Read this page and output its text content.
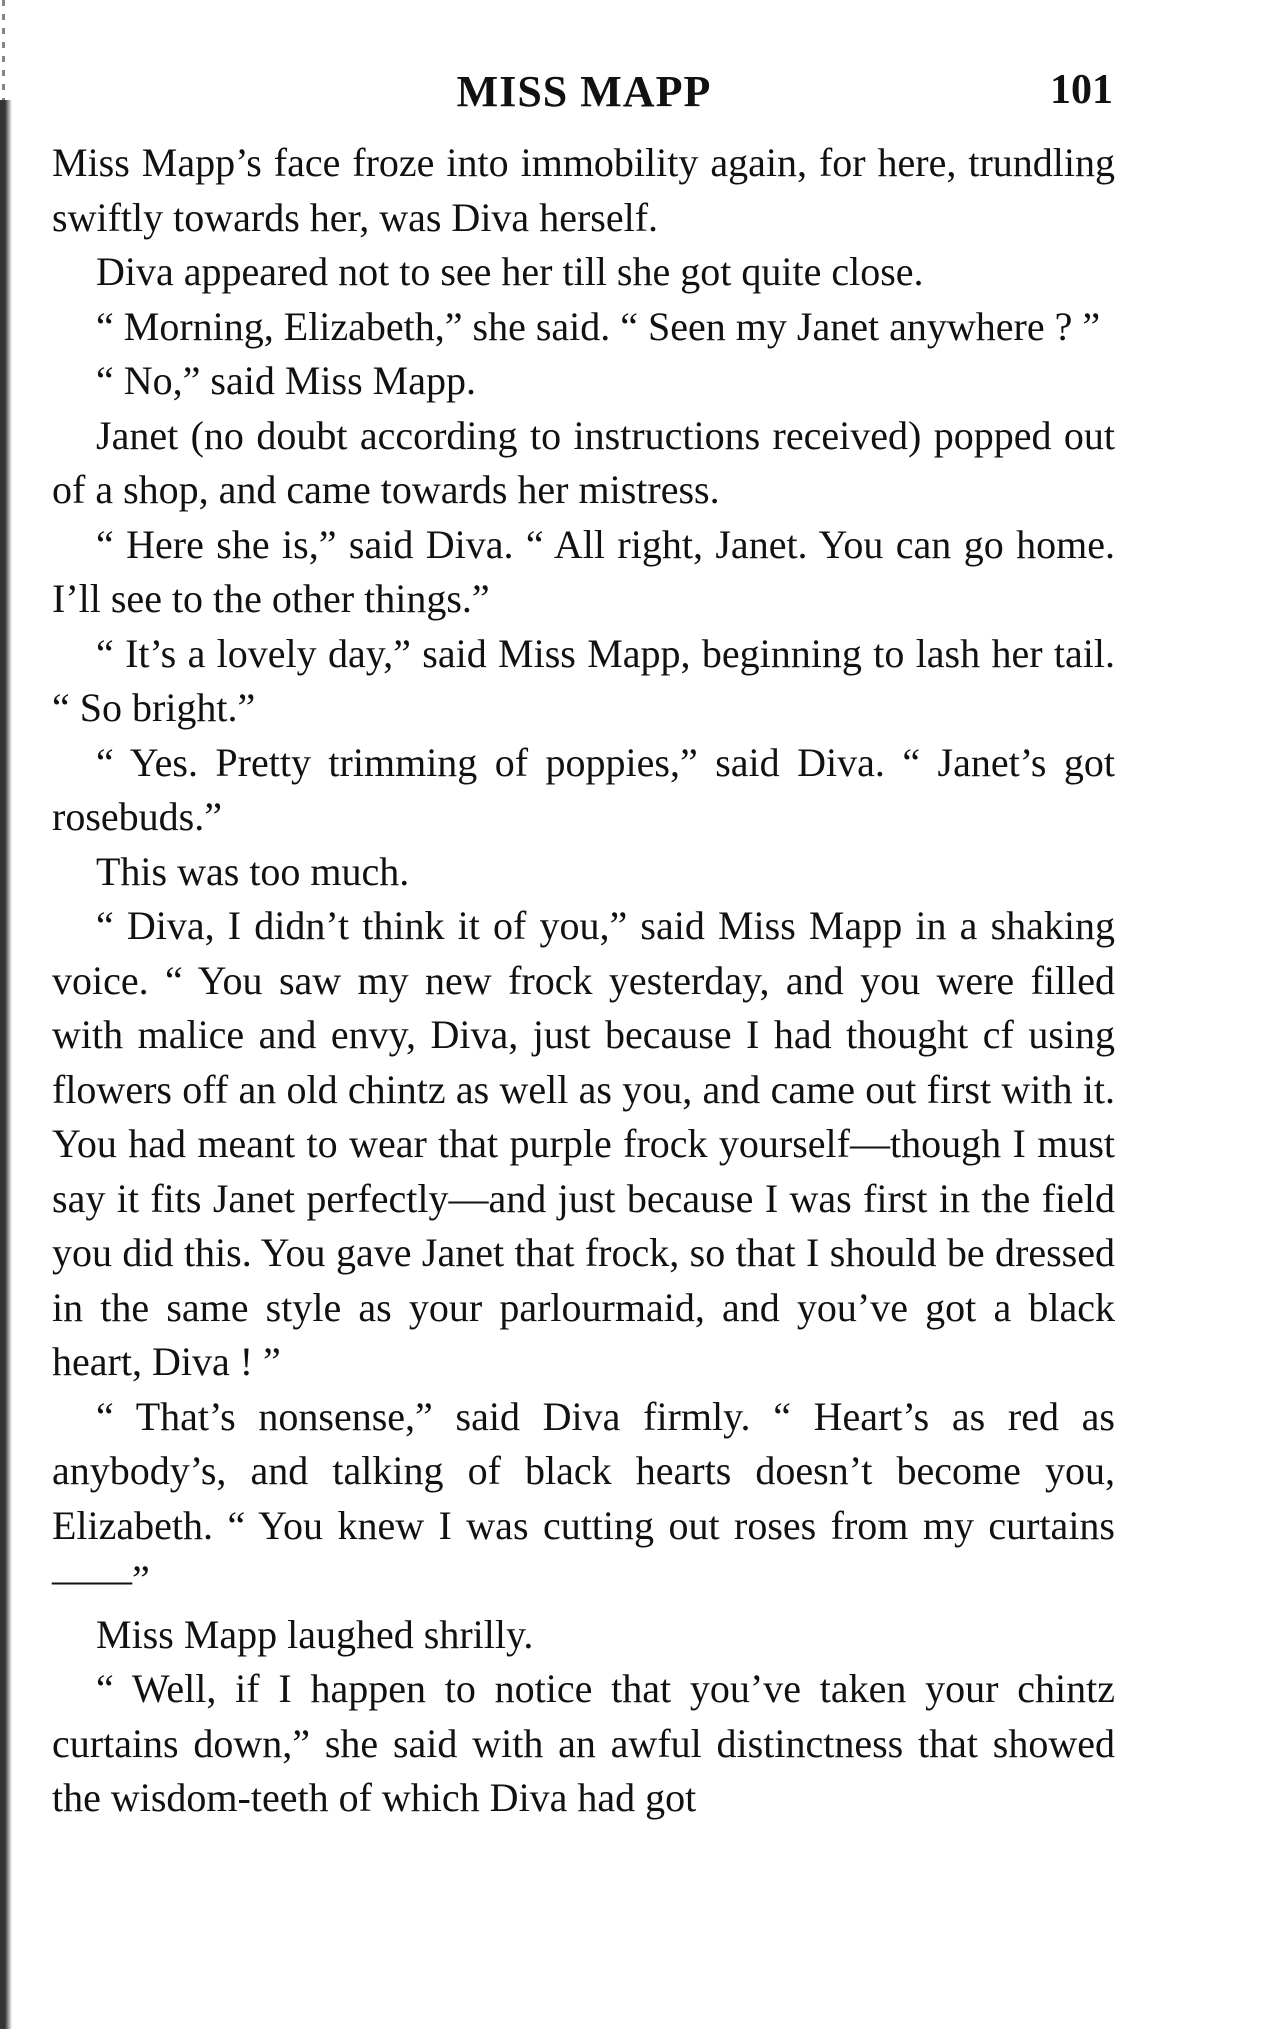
MISS MAPP	101

Miss Mapp’s face froze into immobility again, for here, trundling swiftly towards her, was Diva herself.

Diva appeared not to see her till she got quite close.

“ Morning, Elizabeth,” she said. “ Seen my Janet anywhere ? ”

“ No,” said Miss Mapp.

Janet (no doubt according to instructions received) popped out of a shop, and came towards her mistress.

“ Here she is,” said Diva. “ All right, Janet. You can go home. I’ll see to the other things.”

“ It’s a lovely day,” said Miss Mapp, beginning to lash her tail. “ So bright.”

“ Yes. Pretty trimming of poppies,” said Diva. “ Janet’s got rosebuds.”

This was too much.

“ Diva, I didn’t think it of you,” said Miss Mapp in a shaking voice. “ You saw my new frock yesterday, and you were filled with malice and envy, Diva, just because I had thought cf using flowers off an old chintz as well as you, and came out first with it. You had meant to wear that purple frock yourself—though I must say it fits Janet perfectly—and just because I was first in the field you did this. You gave Janet that frock, so that I should be dressed in the same style as your parlourmaid, and you’ve got a black heart, Diva ! ”

“ That’s nonsense,” said Diva firmly. “ Heart’s as red as anybody’s, and talking of black hearts doesn’t become you, Elizabeth. “ You knew I was cutting out roses from my curtains——”

Miss Mapp laughed shrilly.

“ Well, if I happen to notice that you’ve taken your chintz curtains down,” she said with an awful distinctness that showed the wisdom-teeth of which Diva had got
